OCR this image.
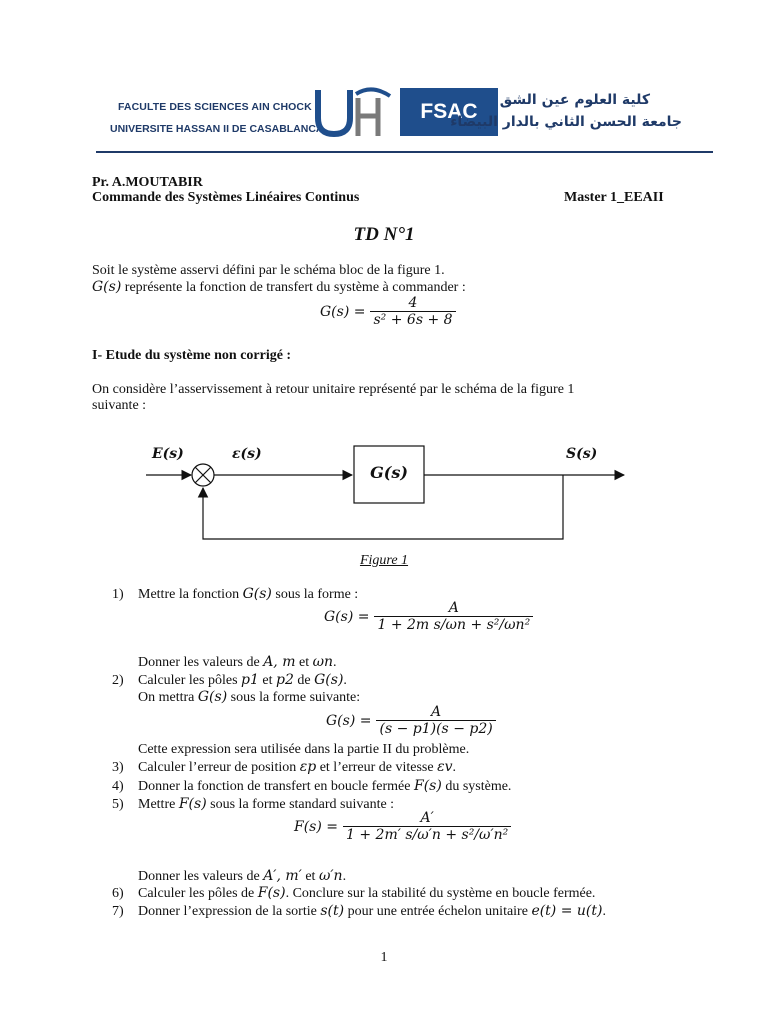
FACULTE DES SCIENCES AIN CHOCK
UNIVERSITE HASSAN II DE CASABLANCA
FSAC	كلية العلوم عين الشق
جامعة الحسن الثاني بالدار البيضاء
Pr. A.MOUTABIR
Commande des Systèmes Linéaires Continus	Master 1_EEAII
TD N°1
Soit le système asservi défini par le schéma bloc de la figure 1.
G(s) représente la fonction de transfert du système à commander :
$G(s) = \frac{4}{\text{s² + 6s + 8}}$
I- Etude du système non corrigé :
On considère l’asservissement à retour unitaire représenté par le schéma de la figure 1
suivante :
E(s)	ε(s)
G(s)
S(s)
Figure 1
1) Mettre la fonction G(s) sous la forme :
$G(s) = \frac{A}{\text{1 + 2m s/ωn + s²/ωn²}}$
Donner les valeurs de A, m et ωn.
2) Calculer les pôles p1 et p2 de G(s).
On mettra G(s) sous la forme suivante:
$G(s) = \frac{A}{(s - p1)(s - p2)}$
Cette expression sera utilisée dans la partie II du problème.
3) Calculer l’erreur de position εp et l’erreur de vitesse εv.
4) Donner la fonction de transfert en boucle fermée F(s) du système.
5) Mettre F(s) sous la forme standard suivante :
$F(s) = \frac{A'}{\text{1 + 2m′ s/ω′n + s²/ω′n²}}$
Donner les valeurs de A′, m′ et ω′n.
6) Calculer les pôles de F(s). Conclure sur la stabilité du système en boucle fermée.
7) Donner l’expression de la sortie s(t) pour une entrée échelon unitaire e(t) = u(t).
1
